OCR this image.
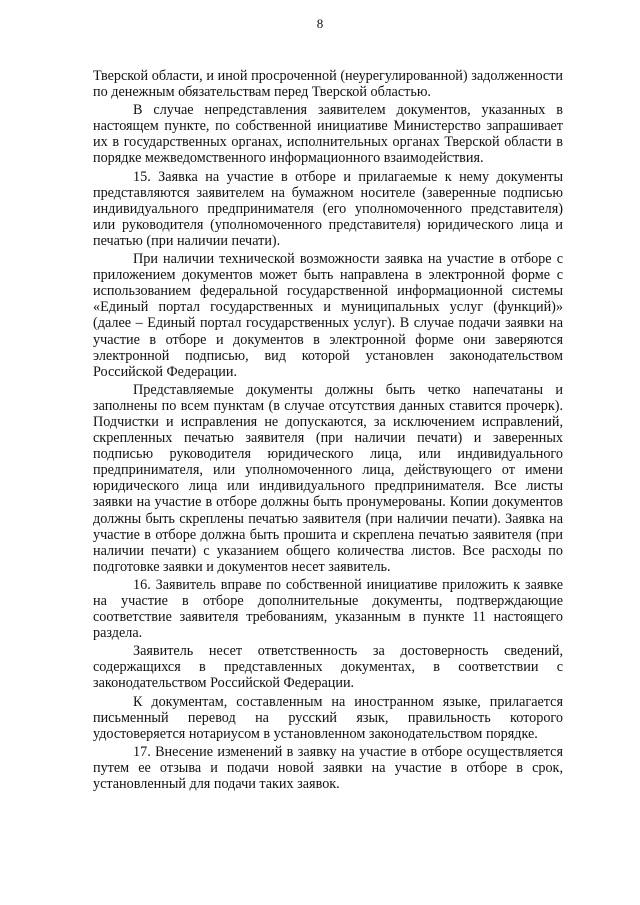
8

Тверской области, и иной просроченной (неурегулированной) задолженности по денежным обязательствам перед Тверской областью.

В случае непредставления заявителем документов, указанных в настоящем пункте, по собственной инициативе Министерство запрашивает их в государственных органах, исполнительных органах Тверской области в порядке межведомственного информационного взаимодействия.

15. Заявка на участие в отборе и прилагаемые к нему документы представляются заявителем на бумажном носителе (заверенные подписью индивидуального предпринимателя (его уполномоченного представителя) или руководителя (уполномоченного представителя) юридического лица и печатью (при наличии печати).

При наличии технической возможности заявка на участие в отборе с приложением документов может быть направлена в электронной форме с использованием федеральной государственной информационной системы «Единый портал государственных и муниципальных услуг (функций)» (далее – Единый портал государственных услуг). В случае подачи заявки на участие в отборе и документов в электронной форме они заверяются электронной подписью, вид которой установлен законодательством Российской Федерации.

Представляемые документы должны быть четко напечатаны и заполнены по всем пунктам (в случае отсутствия данных ставится прочерк). Подчистки и исправления не допускаются, за исключением исправлений, скрепленных печатью заявителя (при наличии печати) и заверенных подписью руководителя юридического лица, или индивидуального предпринимателя, или уполномоченного лица, действующего от имени юридического лица или индивидуального предпринимателя. Все листы заявки на участие в отборе должны быть пронумерованы. Копии документов должны быть скреплены печатью заявителя (при наличии печати). Заявка на участие в отборе должна быть прошита и скреплена печатью заявителя (при наличии печати) с указанием общего количества листов. Все расходы по подготовке заявки и документов несет заявитель.

16. Заявитель вправе по собственной инициативе приложить к заявке на участие в отборе дополнительные документы, подтверждающие соответствие заявителя требованиям, указанным в пункте 11 настоящего раздела.

Заявитель несет ответственность за достоверность сведений, содержащихся в представленных документах, в соответствии с законодательством Российской Федерации.

К документам, составленным на иностранном языке, прилагается письменный перевод на русский язык, правильность которого удостоверяется нотариусом в установленном законодательством порядке.

17. Внесение изменений в заявку на участие в отборе осуществляется путем ее отзыва и подачи новой заявки на участие в отборе в срок, установленный для подачи таких заявок.
